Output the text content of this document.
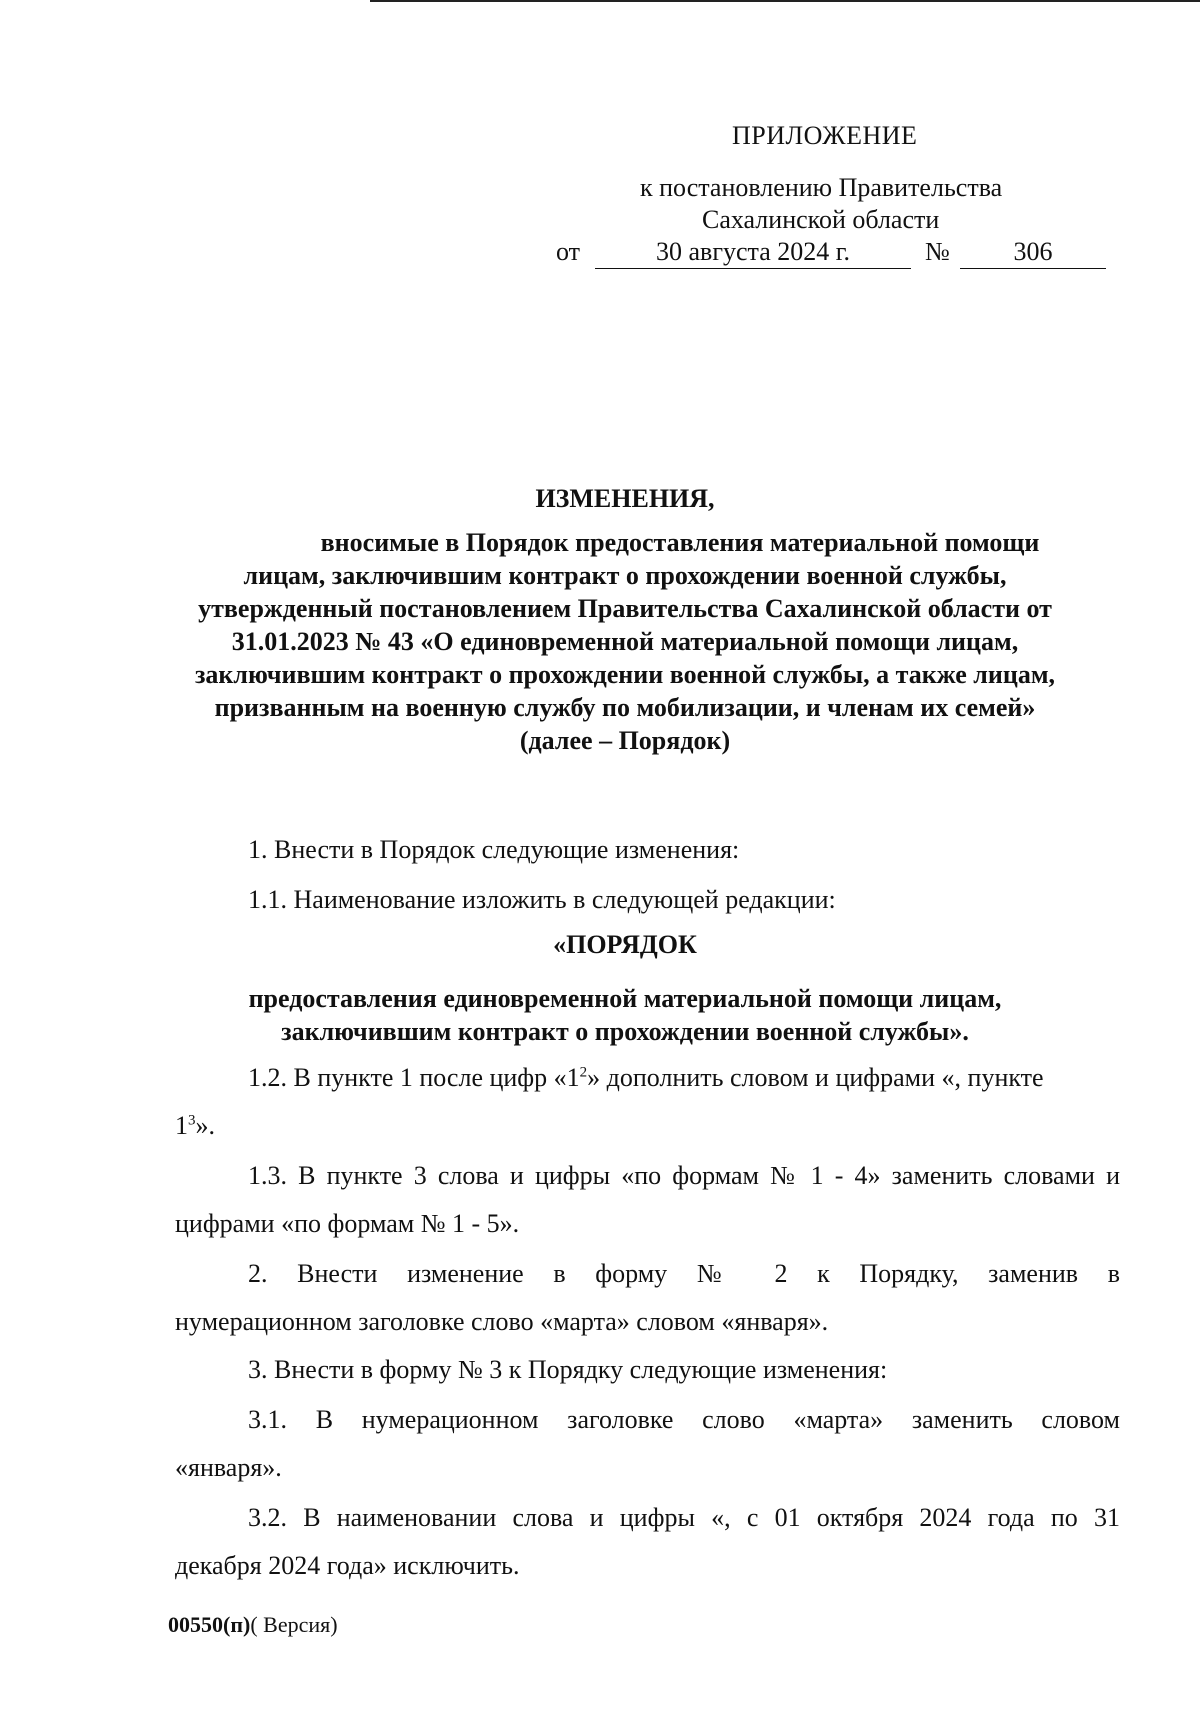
ПРИЛОЖЕНИЕ
к постановлению Правительства
Сахалинской области
от	30 августа 2024 г.	№	306
ИЗМЕНЕНИЯ,
вносимые в Порядок предоставления материальной помощи
лицам, заключившим контракт о прохождении военной службы,
утвержденный постановлением Правительства Сахалинской области от
31.01.2023 № 43 «О единовременной материальной помощи лицам,
заключившим контракт о прохождении военной службы, а также лицам,
призванным на военную службу по мобилизации, и членам их семей»
(далее – Порядок)
1. Внести в Порядок следующие изменения:
1.1. Наименование изложить в следующей редакции:
«ПОРЯДОК
предоставления единовременной материальной помощи лицам,
заключившим контракт о прохождении военной службы».
1.2. В пункте 1 после цифр «$1^2$» дополнить словом и цифрами «, пункте
$1^3$».
1.3. В пункте 3 слова и цифры «по формам № 1 - 4» заменить словами и
цифрами «по формам № 1 - 5».
2. Внести изменение в форму № 2 к Порядку, заменив в
нумерационном заголовке слово «марта» словом «января».
3. Внести в форму № 3 к Порядку следующие изменения:
3.1. В нумерационном заголовке слово «марта» заменить словом
«января».
3.2. В наименовании слова и цифры «, с 01 октября 2024 года по 31
декабря 2024 года» исключить.
00550(п)( Версия)
